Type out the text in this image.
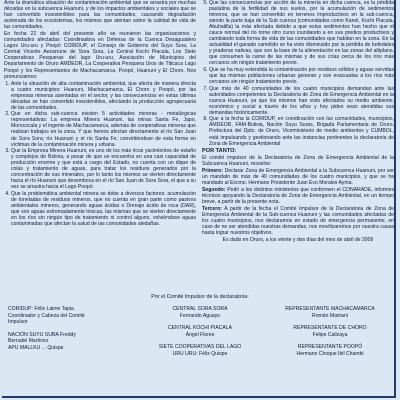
Ante la dramática situación de contaminación ambiental que se arrastra por muchas décadas en la subcuenca Huanuni, y de los impactos ambientales y sociales que se han convertido insostenibles para las comunidades, causando degradación acelerada de los ecosistemas, los mismos que atentan sobre la calidad de vida de las comunidades.

En fecha 22 de abril del presente año se reunieron las organizaciones y comunidades afectadas: Coordinadora en Defensa de la Cuenca Desaguadero Lagos Uru-uru y Poopó CORIDUP, el Consejo de Gobierno del Suyu Sura, La Central Vicente Aezarrune de Sora Sora, La Central Kochi Piacala, Los Siete Cooperativas Pesqueras del lago Uru-uru, Asociación de Municipios del Departamento de Oruro AMDEOR, La Cooperativa Pesquera Uros de Titicaca Lago Poopó y los Representantes de Machacamarca, Poopó, Huanuni y El Choro. Nos pronunciamos:

1. Ante la situación de alta contaminación ambiental, que afecta de manera directa a cuatro municipios: Huanuni, Machacamarca, El Choro y Poopó, por las empresas mineras asentadas en el sector, y las consecuencias en estas últimas décadas se han convertido insostenibles, afectando la producción agropecuaria de las comunidades.
2. Que en dicha sub-cuenca existen 5 actividades mineras - metalúrgicas representativas: La empresa Minera Huanuni, las minas Santa Fe, Japo, Morococala y el ingenio de Machacamarca, además de cooperativas mineras que realizan trabajos en la zona. Y que hemos afectan directamente el río San Juan de Sora Sora; río Huanuni y el río Santa Fe, convirtiéndose de esta forma en víctimas de la contaminación minera y urbana.
3. Que la Empresa Minera Huanuni, es uno de los más ricos yacimientos de estaño y complejos de Bolivia, a pesar de que se encuentra en una casi capacidad de producción enorme y que está a cargo del Estado, no cuenta con un dique de colas y tratamiento de aguas, para tratar los residuos generados por la concentración de sus minerales, por lo tanto los mismos se vierten directamente hacia el río Huanuni que desemboca en el río San Juan de Sora Sora, el que a su vez se arrastra hacia el Lago Poopó.
4. Que la problemática ambiental minera se debe a diversos factores: acumulación de toneladas de residuos mineros, que no cuenta en gran parte como pasivos ambientales mineros, generando aguas ácidas o Drenaje ácido de roca (DAR), que son aguas extremadamente tóxicas, las mismas que se vierten directamente en los ríos sin ningún tipo de tratamiento ni control alguno, volviéndose aguas contaminadas que afectan la salud de las comunidades aledañas.
5. Que las consecuencias por acción de la minería en dicha cuenca, es la pérdida paulatina de la fertilidad de sus suelos, por la acumulación de sedimentos mineros, que se han convertido en terrenos improductivos en la sub-cuenca, siendo la parte baja de la Sub cuenca (comunidades como Kanel, Kochi Piacala, Abuhatilla) la más afectada debido a que estas sedimentos han hecho que el cauce normal del río torne otro curso inundando a en sus predios productivos y cambiando toda forma de vida de las comunidades que habitan en la zona. En la actualidad el ganado camélido se ha visto disminuido por la pérdida de bofedales y praderas nativas, que son la base de la alimentación en las zonas del altiplano, que consumen la carne de las mismas y de sus crías cerca de los ríos más cercanos sin ningún tratamiento previo.
6. Que se ha muy extendida la contaminación por residuos sólidos y aguas servidas que las mismas poblaciones urbanas generan y son evacuadas a los ríos más cercanos sin ningún tratamiento previo.
7. Que más de 40 comunidades de los cuatro municipios demandan ante las autoridades competentes la Declaratoria de Zona de Emergencia Ambiental en la cuenca Huanuni, ya que los mismos han visto afectados su medio ambiente, económico y social a través de los años y hoy piden sean atendidas sus demandas históricamente.
8. Que a la fecha la CORIDUP, en coordinación con las comunidades, municipios, AMDEOR, FAM-Bolivia, Nación Suyu Suras, Brigada Parlamentaria de Oruro, Prefectura del Dpto. de Oruro, Viceministerio de medio ambientes y CUMBOL, está impulsando y gestionando ante las instancias pertinentes la declaratoria de Zona de Emergencia Ambiental
POR TANTO:

El comité impulsor de la Declaratoria de Zona de Emergencia Ambiental de la Subcuenca Huanuni, resuelve:

Primero: Declarar Zona de Emergencia Ambiental a la Subcuenca Huanuni, por ser un mandato de más de 40 comunidades de los cuatro municipios, y que se ha mandado al Excmo. Hermano Presidente Juan Evo Morales Ayma.

Segundo: Pedir a los distintos ministerios que conformen el CONARADE, informes técnicos apoyando la Declaratoria de Zona de Emergencia Ambiental, en un tiempo breve, a partir de la presente nota.

Tercero: A partir de la fecha el Comité Impulsor de la Declaratoria de Zona de Emergencia Ambiental de la Sub-cuenca Huanuni y las comunidades afectadas de los cuatro municipios, nos declaramos en estado de emergencia permanente, en caso de no ser atendidas nuestras demandas, nos movilizaremos por nuestra causa hasta lograr nuestros objetivos.

Es dado en Oruro, a los veinte y dos días del mes de abril de 2009

Por el Comité Impulsor de la declaratoria:
CORIDUP: Félix Laime Tapia
Coordinador y Cabeza del Comité
Impulsor
NACIÓN SUYU SURA Freddy
Bernabé Martínez
APU MALLKU ... Quispe
CENTRAL SORA SORA
Fernando Aguayo
CENTRAL KOCHI PIACALA
Ángel Flores
SIETE COOPERATIVAS DEL LAGO
URU URU: Félix Quispe
REPRESENTANTE MACHACAMARCA
Román Mamani
REPRESENTANTE DE CHORO
Felipe Calizaya
REPRESENTANTE POOPÓ
Hermano Choque Ibil Chambi
